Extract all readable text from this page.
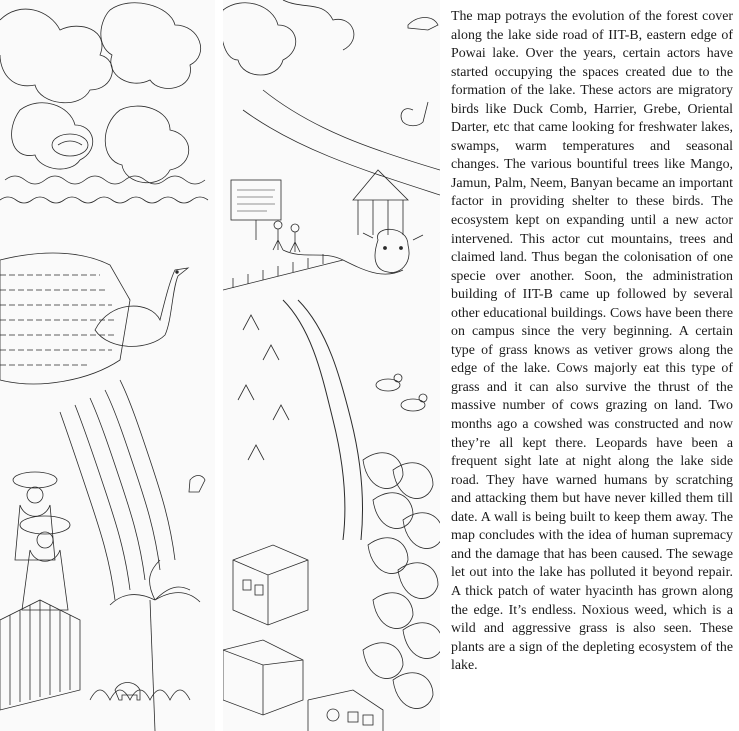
The map potrays the evolution of the forest cover along the lake side road of IIT-B, eastern edge of Powai lake. Over the years, certain actors have started occupying the spaces created due to the formation of the lake. These actors are migratory birds like Duck Comb, Harrier, Grebe, Oriental Darter, etc that came looking for freshwater lakes, swamps, warm temperatures and seasonal changes. The various bountiful trees like Mango, Jamun, Palm, Neem, Banyan became an important factor in providing shelter to these birds. The ecosystem kept on expanding until a new actor intervened. This actor cut mountains, trees and claimed land. Thus began the colonisation of one specie over another. Soon, the administration building of IIT-B came up followed by several other educational buildings. Cows have been there on campus since the very beginning. A certain type of grass knows as vetiver grows along the edge of the lake. Cows majorly eat this type of grass and it can also survive the thrust of the massive number of cows grazing on land. Two months ago a cowshed was constructed and now they’re all kept there. Leopards have been a frequent sight late at night along the lake side road. They have warned humans by scratching and attacking them but have never killed them till date. A wall is being built to keep them away. The map concludes with the idea of human supremacy and the damage that has been caused. The sewage let out into the lake has polluted it beyond repair. A thick patch of water hyacinth has grown along the edge. It’s endless. Noxious weed, which is a wild and aggressive grass is also seen. These plants are a sign of the depleting ecosystem of the lake.
